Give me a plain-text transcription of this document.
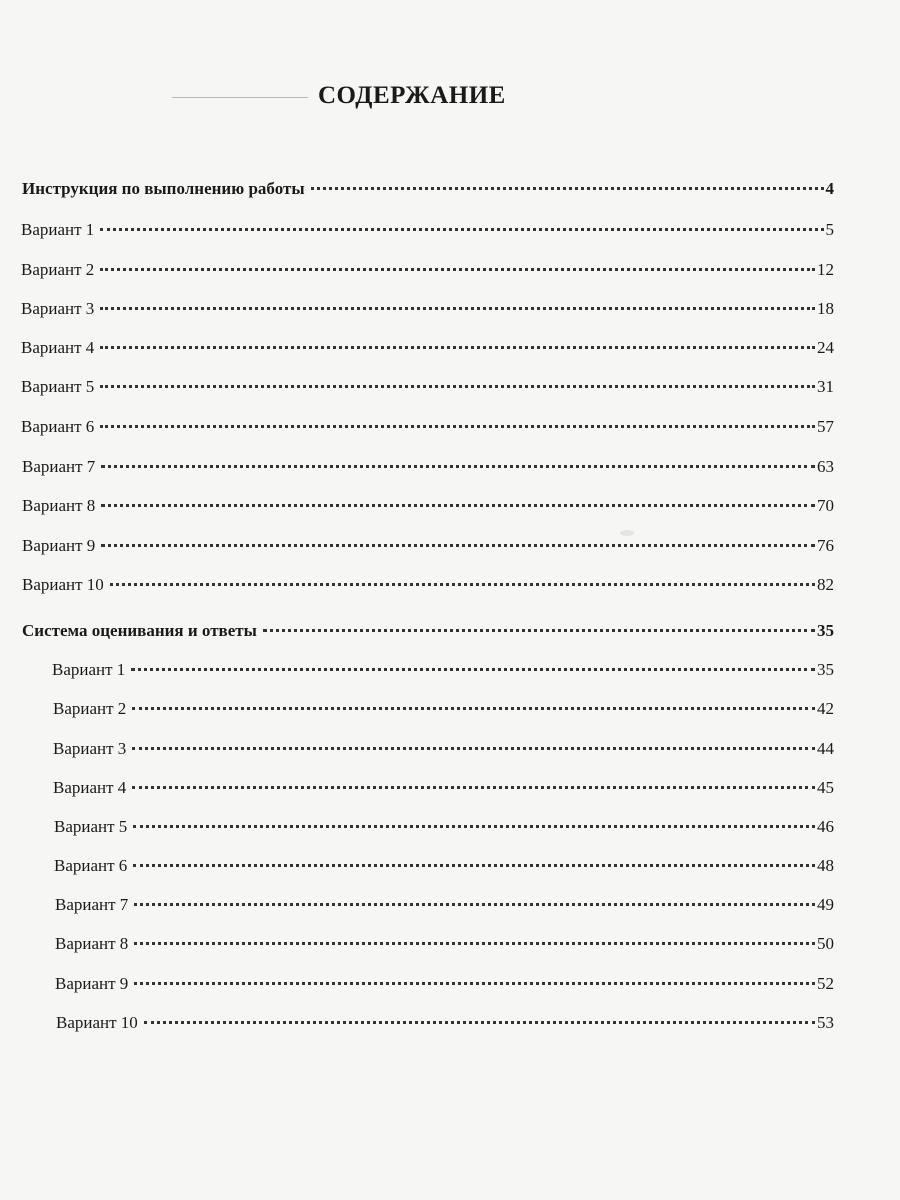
СОДЕРЖАНИЕ
Инструкция по выполнению работы	4
Вариант 1	5
Вариант 2	12
Вариант 3	18
Вариант 4	24
Вариант 5	31
Вариант 6	57
Вариант 7	63
Вариант 8	70
Вариант 9	76
Вариант 10	82
Система оценивания и ответы	35
Вариант 1	35
Вариант 2	42
Вариант 3	44
Вариант 4	45
Вариант 5	46
Вариант 6	48
Вариант 7	49
Вариант 8	50
Вариант 9	52
Вариант 10	53
